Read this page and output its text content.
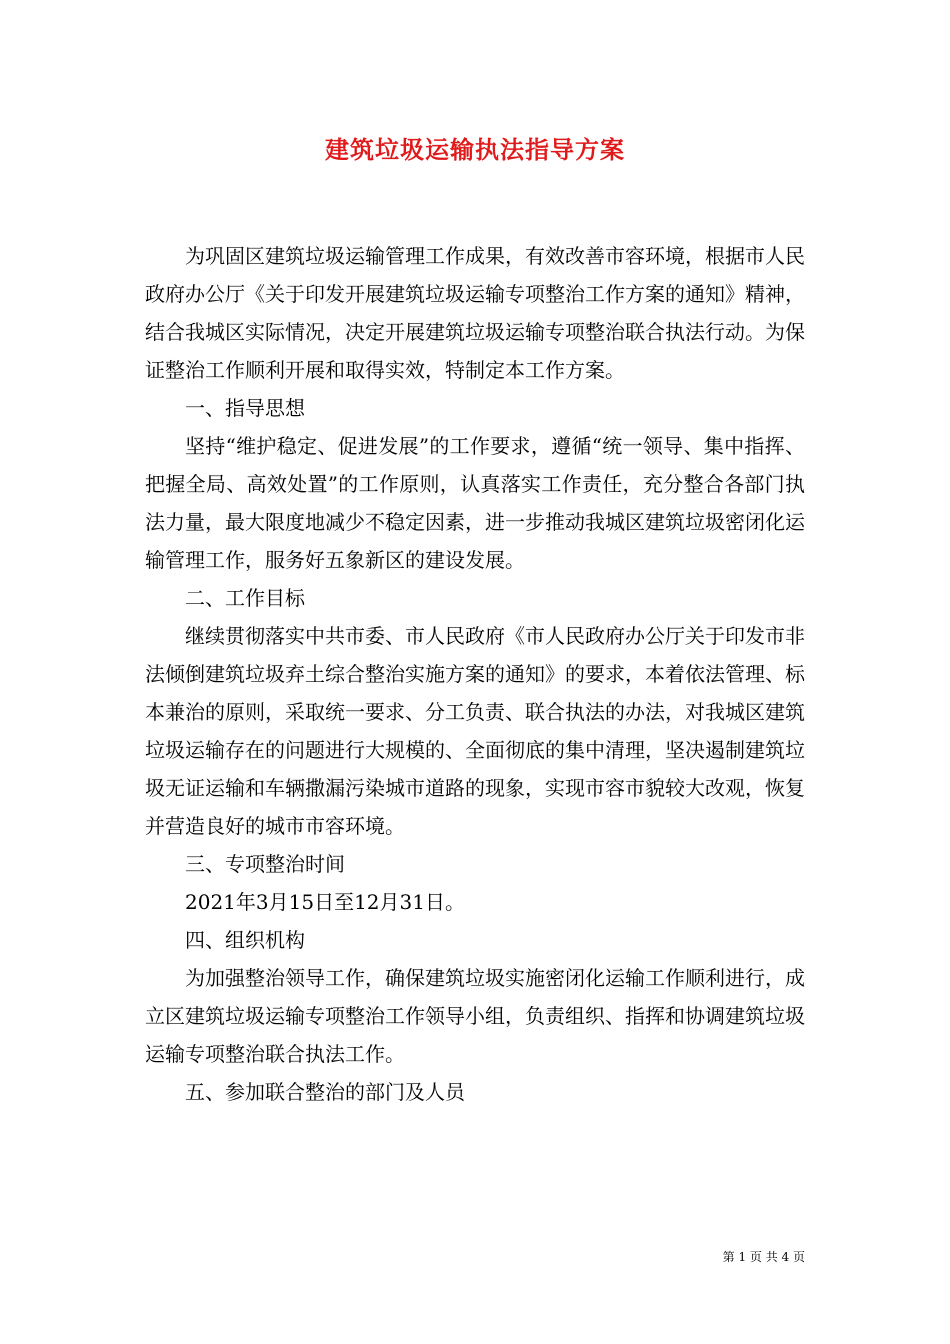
建筑垃圾运输执法指导方案

为巩固区建筑垃圾运输管理工作成果，有效改善市容环境，根据市人民政府办公厅《关于印发开展建筑垃圾运输专项整治工作方案的通知》精神，结合我城区实际情况，决定开展建筑垃圾运输专项整治联合执法行动。为保证整治工作顺利开展和取得实效，特制定本工作方案。

一、指导思想

坚持“维护稳定、促进发展”的工作要求，遵循“统一领导、集中指挥、把握全局、高效处置”的工作原则，认真落实工作责任，充分整合各部门执法力量，最大限度地减少不稳定因素，进一步推动我城区建筑垃圾密闭化运输管理工作，服务好五象新区的建设发展。

二、工作目标

继续贯彻落实中共市委、市人民政府《市人民政府办公厅关于印发市非法倾倒建筑垃圾弃土综合整治实施方案的通知》的要求，本着依法管理、标本兼治的原则，采取统一要求、分工负责、联合执法的办法，对我城区建筑垃圾运输存在的问题进行大规模的、全面彻底的集中清理，坚决遏制建筑垃圾无证运输和车辆撒漏污染城市道路的现象，实现市容市貌较大改观，恢复并营造良好的城市市容环境。

三、专项整治时间

2021年3月15日至12月31日。

四、组织机构

为加强整治领导工作，确保建筑垃圾实施密闭化运输工作顺利进行，成立区建筑垃圾运输专项整治工作领导小组，负责组织、指挥和协调建筑垃圾运输专项整治联合执法工作。

五、参加联合整治的部门及人员

第 1 页 共 4 页
